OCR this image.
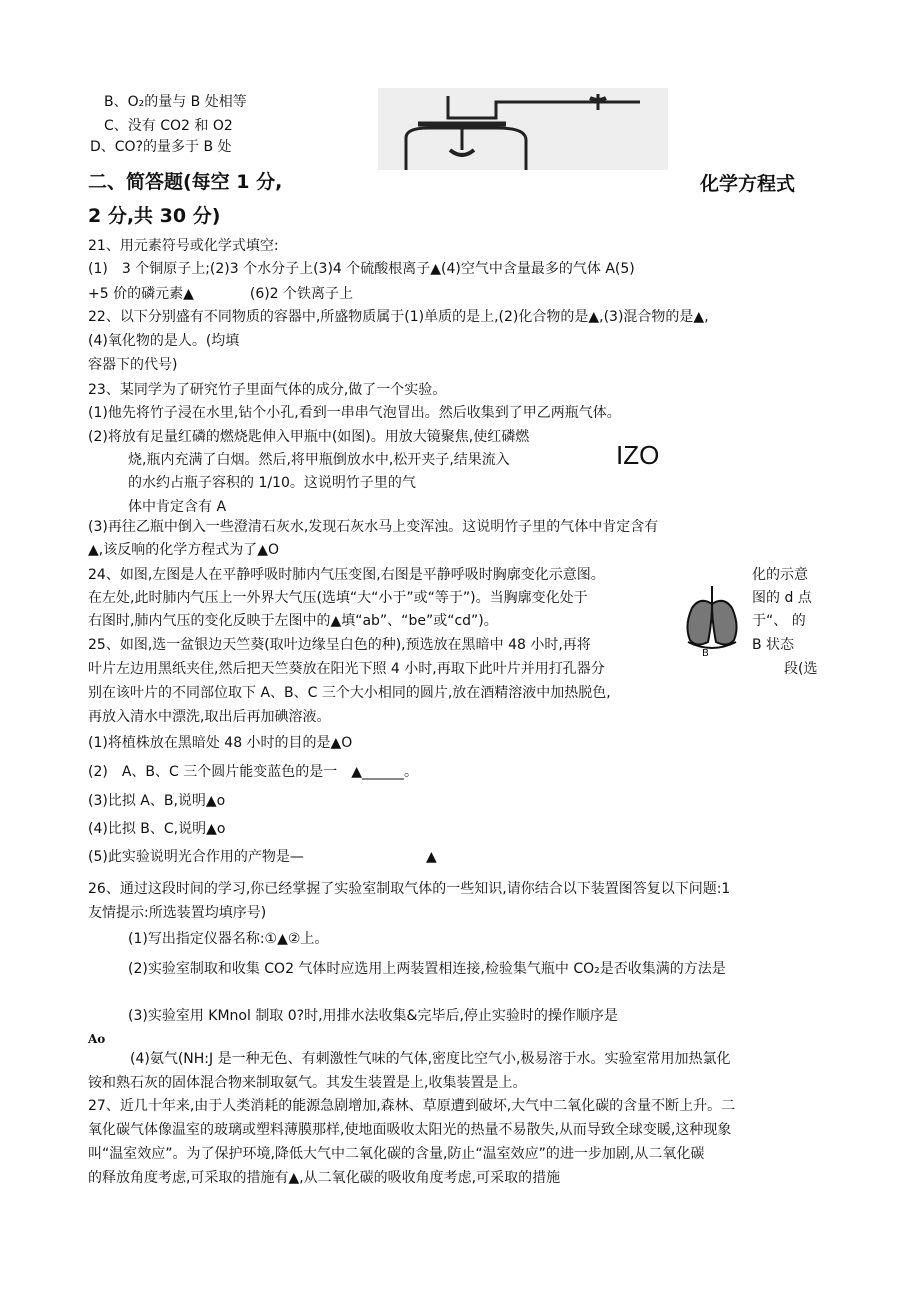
B、O₂的量与 B 处相等
C、没有 CO2 和 O2
D、CO?的量多于 B 处
二、简答题(每空 1 分,	化学方程式
2 分,共 30 分)
21、用元素符号或化学式填空:
(1)　3 个铜原子上;(2)3 个水分子上(3)4 个硫酸根离子▲(4)空气中含量最多的气体 A(5)
+5 价的磷元素▲　　　　(6)2 个铁离子上
22、以下分别盛有不同物质的容器中,所盛物质属于(1)单质的是上,(2)化合物的是▲,(3)混合物的是▲,
(4)氧化物的是人。(均填
容器下的代号)
23、某同学为了研究竹子里面气体的成分,做了一个实验。
(1)他先将竹子浸在水里,钻个小孔,看到一串串气泡冒出。然后收集到了甲乙两瓶气体。
(2)将放有足量红磷的燃烧匙伸入甲瓶中(如图)。用放大镜聚焦,使红磷燃
烧,瓶内充满了白烟。然后,将甲瓶倒放水中,松开夹子,结果流入	IZO
的水约占瓶子容积的 1/10。这说明竹子里的气
体中肯定含有 A
(3)再往乙瓶中倒入一些澄清石灰水,发现石灰水马上变浑浊。这说明竹子里的气体中肯定含有
▲,该反响的化学方程式为了▲O
24、如图,左图是人在平静呼吸时肺内气压变图,右图是平静呼吸时胸廓变化示意图。	化的示意
在左处,此时肺内气压上一外界大气压(选填“大“小于”或“等于”)。当胸廓变化处于	图的 d 点
右图时,肺内气压的变化反映于左图中的▲填“ab”、“be”或“cd”)。	于“、 的
B
25、如图,选一盆银边天竺葵(取叶边缘呈白色的种),预选放在黑暗中 48 小时,再将	B 状态
叶片左边用黑纸夹住,然后把天竺葵放在阳光下照 4 小时,再取下此叶片并用打孔器分	段(选
别在该叶片的不同部位取下 A、B、C 三个大小相同的圆片,放在酒精溶液中加热脱色,
再放入清水中漂洗,取出后再加碘溶液。
(1)将植株放在黑暗处 48 小时的目的是▲O
(2)　A、B、C 三个圆片能变蓝色的是一　▲______。
(3)比拟 A、B,说明▲o
(4)比拟 B、C,说明▲o
(5)此实验说明光合作用的产物是—	▲
26、通过这段时间的学习,你已经掌握了实验室制取气体的一些知识,请你结合以下装置图答复以下问题:1
友情提示:所选装置均填序号)
(1)写出指定仪器名称:①▲②上。
(2)实验室制取和收集 CO2 气体时应选用上两装置相连接,检验集气瓶中 CO₂是否收集满的方法是
(3)实验室用 KMnol 制取 0?时,用排水法收集&完毕后,停止实验时的操作顺序是
Ao
(4)氨气(NH:J 是一种无色、有刺激性气味的气体,密度比空气小,极易溶于水。实验室常用加热氯化
铵和熟石灰的固体混合物来制取氨气。其发生装置是上,收集装置是上。
27、近几十年来,由于人类消耗的能源急剧增加,森林、草原遭到破坏,大气中二氧化碳的含量不断上升。二
氧化碳气体像温室的玻璃或塑料薄膜那样,使地面吸收太阳光的热量不易散失,从而导致全球变暖,这种现象
叫“温室效应”。为了保护环境,降低大气中二氧化碳的含量,防止“温室效应”的进一步加剧,从二氧化碳
的释放角度考虑,可采取的措施有▲,从二氧化碳的吸收角度考虑,可采取的措施
